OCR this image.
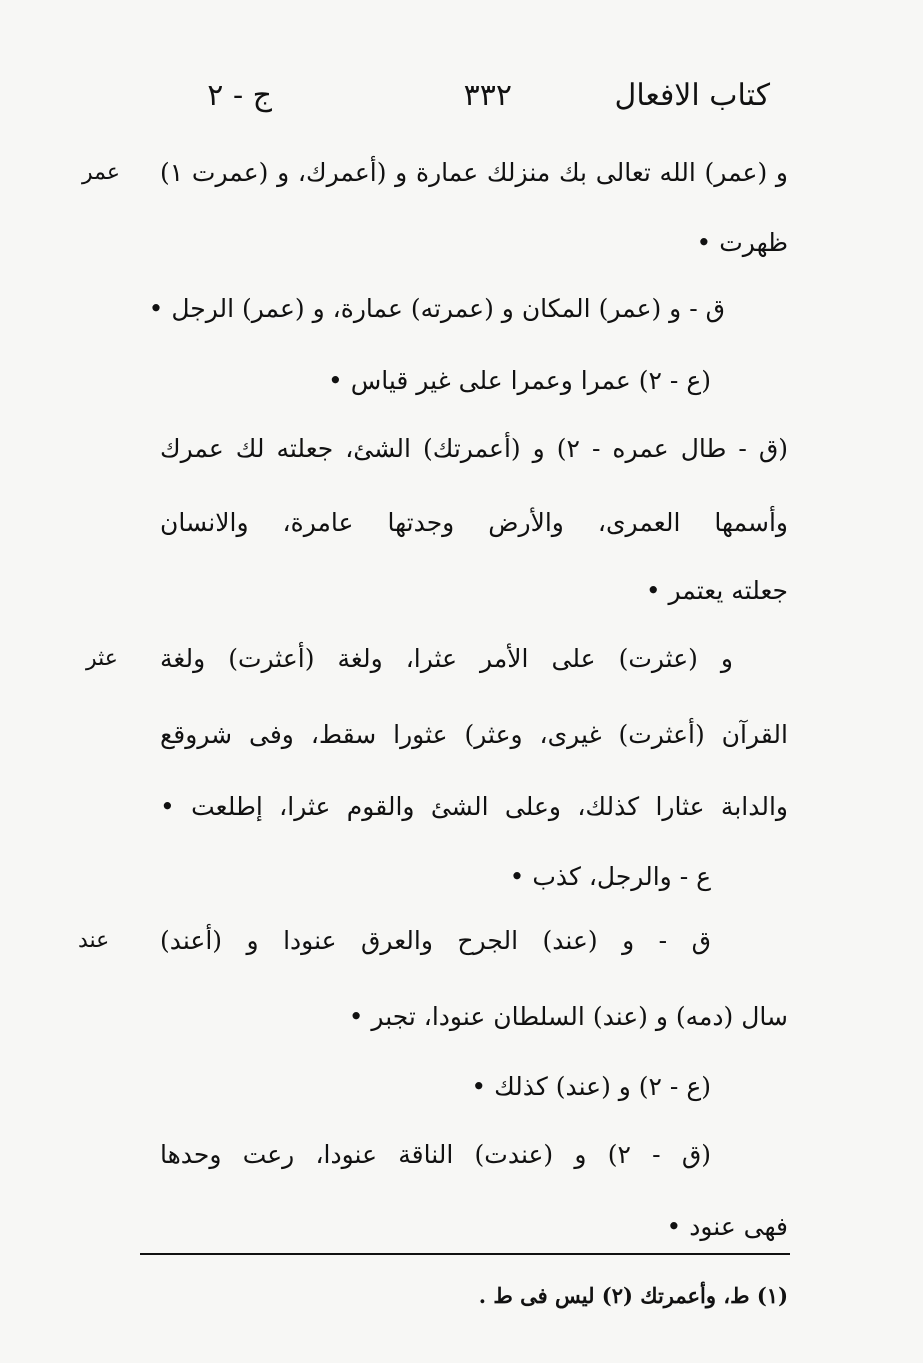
كتاب الافعال
٣٣٢
ج - ٢
عمر
عثر
عند
و (عمر) الله تعالى بك منزلك عمارة و (أعمرك، و (عمرت ١)
ظهرت •
ق - و (عمر) المكان و (عمرته) عمارة، و (عمر) الرجل •
(ع - ٢) عمرا وعمرا على غير قياس •
(ق - طال عمره - ٢) و (أعمرتك) الشئ، جعلته لك عمرك
وأسمها العمرى، والأرض وجدتها عامرة، والانسان
جعلته يعتمر •
و (عثرت) على الأمر عثرا، ولغة (أعثرت) ولغة
القرآن (أعثرت) غيرى، وعثر) عثورا سقط، وفى شروقع
والدابة عثارا كذلك، وعلى الشئ والقوم عثرا، إطلعت •
ع - والرجل، كذب •
ق - و (عند) الجرح والعرق عنودا و (أعند)
سال (دمه) و (عند) السلطان عنودا، تجبر •
(ع - ٢) و (عند) كذلك •
(ق - ٢) و (عندت) الناقة عنودا، رعت وحدها
فهى عنود •
(١) ط، وأعمرتك (٢) ليس فى ط .
